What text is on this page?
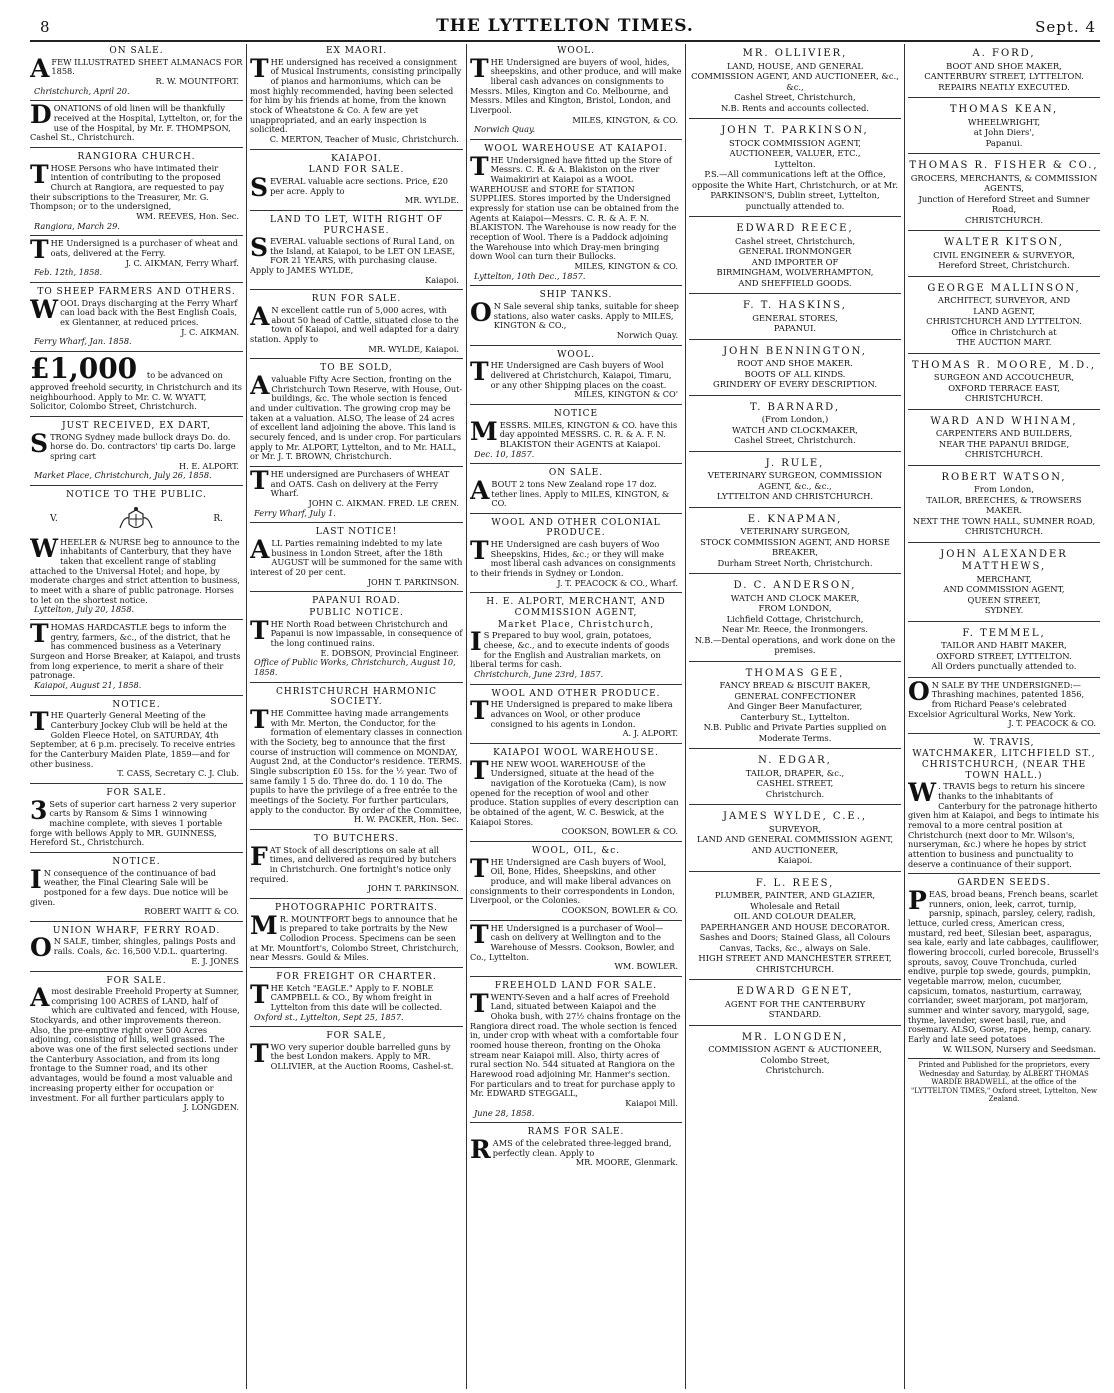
8	THE LYTTELTON TIMES.	Sept. 4
ON SALE.
AFEW ILLUSTRATED SHEET ALMANACS FOR 1858.
R. W. MOUNTFORT.
Christchurch, April 20.
DONATIONS of old linen will be thankfully received at the Hospital, Lyttelton, or, for the use of the Hospital, by Mr. F. THOMPSON, Cashel St., Christchurch.
RANGIORA CHURCH.
THOSE Persons who have intimated their intention of contributing to the proposed Church at Rangiora, are requested to pay their subscriptions to the Treasurer, Mr. G. Thompson; or to the undersigned,
WM. REEVES, Hon. Sec.
Rangiora, March 29.
THE Undersigned is a purchaser of wheat and oats, delivered at the Ferry.
J. C. AIKMAN, Ferry Wharf.
Feb. 12th, 1858.
TO SHEEP FARMERS AND OTHERS.
WOOL Drays discharging at the Ferry Wharf can load back with the Best English Coals, ex Glentanner, at reduced prices.
J. C. AIKMAN.
Ferry Wharf, Jan. 1858.
£1,000 to be advanced on approved freehold security, in Christchurch and its neighbourhood. Apply to Mr. C. W. WYATT, Solicitor, Colombo Street, Christchurch.
JUST RECEIVED, EX DART,
STRONG Sydney made bullock drays Do. do. horse do. Do. contractors' tip carts Do. large spring cart
H. E. ALPORT.
Market Place, Christchurch, July 26, 1858.
NOTICE TO THE PUBLIC.
V.	R.
WHEELER & NURSE beg to announce to the inhabitants of Canterbury, that they have taken that excellent range of stabling attached to the Universal Hotel; and hope, by moderate charges and strict attention to business, to meet with a share of public patronage. Horses to let on the shortest notice.
Lyttelton, July 20, 1858.
THOMAS HARDCASTLE begs to inform the gentry, farmers, &c., of the district, that he has commenced business as a Veterinary Surgeon and Horse Breaker, at Kaiapoi, and trusts from long experience, to merit a share of their patronage.
Kaiapoi, August 21, 1858.
NOTICE.
THE Quarterly General Meeting of the Canterbury Jockey Club will be held at the Golden Fleece Hotel, on SATURDAY, 4th September, at 6 p.m. precisely. To receive entries for the Canterbury Maiden Plate, 1859—and for other business.
T. CASS, Secretary C. J. Club.
FOR SALE.
3 Sets of superior cart harness 2 very superior carts by Ransom & Sims 1 winnowing machine complete, with sieves 1 portable forge with bellows Apply to MR. GUINNESS, Hereford St., Christchurch.
NOTICE.
I N consequence of the continuance of bad weather, the Final Clearing Sale will be postponed for a few days. Due notice will be given.
ROBERT WAITT & CO.
UNION WHARF, FERRY ROAD.
O N SALE, timber, shingles, palings Posts and rails. Coals, &c. 16,500 V.D.L. quartering.
E. J. JONES
FOR SALE.
Amost desirable Freehold Property at Sumner, comprising 100 ACRES of LAND, half of which are cultivated and fenced, with House, Stockyards, and other improvements thereon. Also, the pre-emptive right over 500 Acres adjoining, consisting of hills, well grassed. The above was one of the first selected sections under the Canterbury Association, and from its long frontage to the Sumner road, and its other advantages, would be found a most valuable and increasing property either for occupation or investment. For all further particulars apply to
J. LONGDEN.
EX MAORI.
THE undersigned has received a consignment of Musical Instruments, consisting principally of pianos and harmoniums, which can be most highly recommended, having been selected for him by his friends at home, from the known stock of Wheatstone & Co. A few are yet unappropriated, and an early inspection is solicited.
C. MERTON, Teacher of Music, Christchurch.
KAIAPOI.
LAND FOR SALE.
SEVERAL valuable acre sections. Price, £20 per acre. Apply to
MR. WYLDE.
LAND TO LET, WITH RIGHT OF PURCHASE.
SEVERAL valuable sections of Rural Land, on the Island, at Kaiapoi, to be LET ON LEASE, FOR 21 YEARS, with purchasing clause. Apply to JAMES WYLDE,
Kaiapoi.
RUN FOR SALE.
A N excellent cattle run of 5,000 acres, with about 50 head of Cattle, situated close to the town of Kaiapoi, and well adapted for a dairy station. Apply to
MR. WYLDE, Kaiapoi.
TO BE SOLD,
Avaluable Fifty Acre Section, fronting on the Christchurch Town Reserve, with House, Out-buildings, &c. The whole section is fenced and under cultivation. The growing crop may be taken at a valuation. ALSO, The lease of 24 acres of excellent land adjoining the above. This land is securely fenced, and is under crop. For particulars apply to Mr. ALPORT, Lyttelton, and to Mr. HALL, or Mr. J. T. BROWN, Christchurch.
THE undersigned are Purchasers of WHEAT and OATS. Cash on delivery at the Ferry Wharf.
JOHN C. AIKMAN. FRED. LE CREN.
Ferry Wharf, July 1.
LAST NOTICE!
ALL Parties remaining indebted to my late business in London Street, after the 18th AUGUST will be summoned for the same with interest of 20 per cent.
JOHN T. PARKINSON.
PAPANUI ROAD.
PUBLIC NOTICE.
THE North Road between Christchurch and Papanui is now impassable, in consequence of the long continued rains.
E. DOBSON, Provincial Engineer.
Office of Public Works, Christchurch, August 10, 1858.
CHRISTCHURCH HARMONIC SOCIETY.
THE Committee having made arrangements with Mr. Merton, the Conductor, for the formation of elementary classes in connection with the Society, beg to announce that the first course of instruction will commence on MONDAY, August 2nd, at the Conductor's residence. TERMS. Single subscription £0 15s. for the ½ year. Two of same family 1 5 do. Three do. do. 1 10 do. The pupils to have the privilege of a free entrée to the meetings of the Society. For further particulars, apply to the conductor. By order of the Committee,
H. W. PACKER, Hon. Sec.
TO BUTCHERS.
FAT Stock of all descriptions on sale at all times, and delivered as required by butchers in Christchurch. One fortnight's notice only required.
JOHN T. PARKINSON.
PHOTOGRAPHIC PORTRAITS.
M R. MOUNTFORT begs to announce that he is prepared to take portraits by the New Collodion Process. Specimens can be seen at Mr. Mountfort's, Colombo Street, Christchurch, near Messrs. Gould & Miles.
FOR FREIGHT OR CHARTER.
THE Ketch "EAGLE." Apply to F. NOBLE CAMPBELL & CO., By whom freight in Lyttelton from this date will be collected.
Oxford st., Lyttelton, Sept 25, 1857.
FOR SALE,
TWO very superior double barrelled guns by the best London makers. Apply to MR. OLLIVIER, at the Auction Rooms, Cashel-st.
WOOL.
THE Undersigned are buyers of wool, hides, sheepskins, and other produce, and will make liberal cash advances on consignments to Messrs. Miles, Kington and Co. Melbourne, and Messrs. Miles and Kington, Bristol, London, and Liverpool.
MILES, KINGTON, & CO.
Norwich Quay.
WOOL WAREHOUSE AT KAIAPOI.
THE Undersigned have fitted up the Store of Messrs. C. R. & A. Blakiston on the river Waimakiriri at Kaiapoi as a WOOL WAREHOUSE and STORE for STATION SUPPLIES. Stores imported by the Undersigned expressly for station use can be obtained from the Agents at Kaiapoi—Messrs. C. R. & A. F. N. BLAKISTON. The Warehouse is now ready for the reception of Wool. There is a Paddock adjoining the Warehouse into which Dray-men bringing down Wool can turn their Bullocks.
MILES, KINGTON & CO.
Lyttelton, 10th Dec., 1857.
SHIP TANKS.
O N Sale several ship tanks, suitable for sheep stations, also water casks. Apply to MILES, KINGTON & CO.,
Norwich Quay.
WOOL.
THE Undersigned are Cash buyers of Wool delivered at Christchurch, Kaiapoi, Timaru, or any other Shipping places on the coast.
MILES, KINGTON & CO'
NOTICE
MESSRS. MILES, KINGTON & CO. have this day appointed MESSRS. C. R. & A. F. N. BLAKISTON their AGENTS at Kaiapoi.
Dec. 10, 1857.
ON SALE.
ABOUT 2 tons New Zealand rope 17 doz. tether lines. Apply to MILES, KINGTON, & CO.
WOOL AND OTHER COLONIAL PRODUCE.
THE Undersigned are cash buyers of Woo Sheepskins, Hides, &c.; or they will make most liberal cash advances on consignments to their friends in Sydney or London.
J. T. PEACOCK & CO., Wharf.
H. E. ALPORT, MERCHANT, AND COMMISSION AGENT,
Market Place, Christchurch,
I S Prepared to buy wool, grain, potatoes, cheese, &c., and to execute indents of goods for the English and Australian markets, on liberal terms for cash.
Christchurch, June 23rd, 1857.
WOOL AND OTHER PRODUCE.
THE Undersigned is prepared to make libera advances on Wool, or other produce consigned to his agents in London.
A. J. ALPORT.
KAIAPOI WOOL WAREHOUSE.
THE NEW WOOL WAREHOUSE of the Undersigned, situate at the head of the navigation of the Korotueka (Cam), is now opened for the reception of wool and other produce. Station supplies of every description can be obtained of the agent, W. C. Beswick, at the Kaiapoi Stores.
COOKSON, BOWLER & CO.
WOOL, OIL, &c.
THE Undersigned are Cash buyers of Wool, Oil, Bone, Hides, Sheepskins, and other produce, and will make liberal advances on consignments to their correspondents in London, Liverpool, or the Colonies.
COOKSON, BOWLER & CO.
THE Undersigned is a purchaser of Wool—cash on delivery at Wellington and to the Warehouse of Messrs. Cookson, Bowler, and Co., Lyttelton.
WM. BOWLER.
FREEHOLD LAND FOR SALE.
TWENTY-Seven and a half acres of Freehold Land, situated between Kaiapoi and the Ohoka bush, with 27½ chains frontage on the Rangiora direct road. The whole section is fenced in, under crop with wheat with a comfortable four roomed house thereon, fronting on the Ohoka stream near Kaiapoi mill. Also, thirty acres of rural section No. 544 situated at Rangiora on the Harewood road adjoining Mr. Hanmer's section. For particulars and to treat for purchase apply to Mr. EDWARD STEGGALL,
Kaiapoi Mill.
June 28, 1858.
RAMS FOR SALE.
RAMS of the celebrated three-legged brand, perfectly clean. Apply to
MR. MOORE, Glenmark.
MR. OLLIVIER,

LAND, HOUSE, AND GENERAL

COMMISSION AGENT, AND AUCTIONEER, &c., &c.,

Cashel Street, Christchurch,

N.B. Rents and accounts collected.

JOHN T. PARKINSON,

STOCK COMMISSION AGENT,

AUCTIONEER, VALUER, ETC.,

Lyttelton.

P.S.—All communications left at the Office, opposite the White Hart, Christchurch, or at Mr. PARKINSON'S, Dublin street, Lyttelton, punctually attended to.

EDWARD REECE,

Cashel street, Christchurch,

GENERAL IRONMONGER

AND IMPORTER OF

BIRMINGHAM, WOLVERHAMPTON,

AND SHEFFIELD GOODS.

F. T. HASKINS,

GENERAL STORES,

PAPANUI.

JOHN BENNINGTON,

ROOT AND SHOE MAKER.

BOOTS OF ALL KINDS.

GRINDERY OF EVERY DESCRIPTION.

T. BARNARD,

(From London,)

WATCH AND CLOCKMAKER,

Cashel Street, Christchurch.

J. RULE,

VETERINARY SURGEON, COMMISSION

AGENT, &c., &c.,

LYTTELTON AND CHRISTCHURCH.

E. KNAPMAN,

VETERINARY SURGEON,

STOCK COMMISSION AGENT, AND HORSE BREAKER,

Durham Street North, Christchurch.

D. C. ANDERSON,

WATCH AND CLOCK MAKER,

FROM LONDON,

Lichfield Cottage, Christchurch,

Near Mr. Reece, the Ironmongers.

N.B.—Dental operations, and work done on the premises.

THOMAS GEE,

FANCY BREAD & BISCUIT BAKER,

GENERAL CONFECTIONER

And Ginger Beer Manufacturer,

Canterbury St., Lyttelton.

N.B. Public and Private Parties supplied on Moderate Terms.

N. EDGAR,

TAILOR, DRAPER, &c.,

CASHEL STREET,

Christchurch.

JAMES WYLDE, C.E.,

SURVEYOR,

LAND AND GENERAL COMMISSION AGENT,

AND AUCTIONEER,

Kaiapoi.

F. L. REES,

PLUMBER, PAINTER, AND GLAZIER,

Wholesale and Retail

OIL AND COLOUR DEALER,

PAPERHANGER AND HOUSE DECORATOR.

Sashes and Doors; Stained Glass, all Colours Canvas, Tacks, &c., always on Sale.

HIGH STREET AND MANCHESTER STREET, CHRISTCHURCH.

EDWARD GENET,

AGENT FOR THE CANTERBURY

STANDARD.

MR. LONGDEN,

COMMISSION AGENT & AUCTIONEER,

Colombo Street,

Christchurch.

A. FORD,

BOOT AND SHOE MAKER,

CANTERBURY STREET, LYTTELTON.

REPAIRS NEATLY EXECUTED.

THOMAS KEAN,

WHEELWRIGHT,

at John Diers',

Papanui.

THOMAS R. FISHER & CO.,

GROCERS, MERCHANTS, & COMMISSION AGENTS,

Junction of Hereford Street and Sumner Road,

CHRISTCHURCH.

WALTER KITSON,

CIVIL ENGINEER & SURVEYOR,

Hereford Street, Christchurch.

GEORGE MALLINSON,

ARCHITECT, SURVEYOR, AND

LAND AGENT,

CHRISTCHURCH AND LYTTELTON.

Office in Christchurch at

THE AUCTION MART.

THOMAS R. MOORE, M.D.,

SURGEON AND ACCOUCHEUR,

OXFORD TERRACE EAST,

CHRISTCHURCH.

WARD AND WHINAM,

CARPENTERS AND BUILDERS,

NEAR THE PAPANUI BRIDGE,

CHRISTCHURCH.

ROBERT WATSON,

From London,

TAILOR, BREECHES, & TROWSERS

MAKER.

NEXT THE TOWN HALL, SUMNER ROAD,

CHRISTCHURCH.

JOHN ALEXANDER MATTHEWS,

MERCHANT,

AND COMMISSION AGENT,

QUEEN STREET,

SYDNEY.

F. TEMMEL,

TAILOR AND HABIT MAKER,

OXFORD STREET, LYTTELTON.

All Orders punctually attended to.

O N SALE BY THE UNDERSIGNED:— Thrashing machines, patented 1856, from Richard Pease's celebrated Excelsior Agricultural Works, New York.
J. T. PEACOCK & CO.
W. TRAVIS,
WATCHMAKER, LITCHFIELD ST., CHRISTCHURCH, (NEAR THE TOWN HALL.)
W . TRAVIS begs to return his sincere thanks to the inhabitants of Canterbury for the patronage hitherto given him at Kaiapoi, and begs to intimate his removal to a more central position at Christchurch (next door to Mr. Wilson's, nurseryman, &c.) where he hopes by strict attention to business and punctuality to deserve a continuance of their support.
GARDEN SEEDS.
PEAS, broad beans, French beans, scarlet runners, onion, leek, carrot, turnip, parsnip, spinach, parsley, celery, radish, lettuce, curled cress, American cress, mustard, red beet, Silesian beet, asparagus, sea kale, early and late cabbages, cauliflower, flowering broccoli, curled borecole, Brussell's sprouts, savoy, Couve Tronchuda, curled endive, purple top swede, gourds, pumpkin, vegetable marrow, melon, cucumber, capsicum, tomatos, nasturtium, carraway, corriander, sweet marjoram, pot marjoram, summer and winter savory, marygold, sage, thyme, lavender, sweet basil, rue, and rosemary. ALSO, Gorse, rape, hemp, canary. Early and late seed potatoes
W. WILSON, Nursery and Seedsman.
Printed and Published for the proprietors, every Wednesday and Saturday, by ALBERT THOMAS WARDIE BRADWELL, at the office of the "LYTTELTON TIMES," Oxford street, Lyttelton, New Zealand.
